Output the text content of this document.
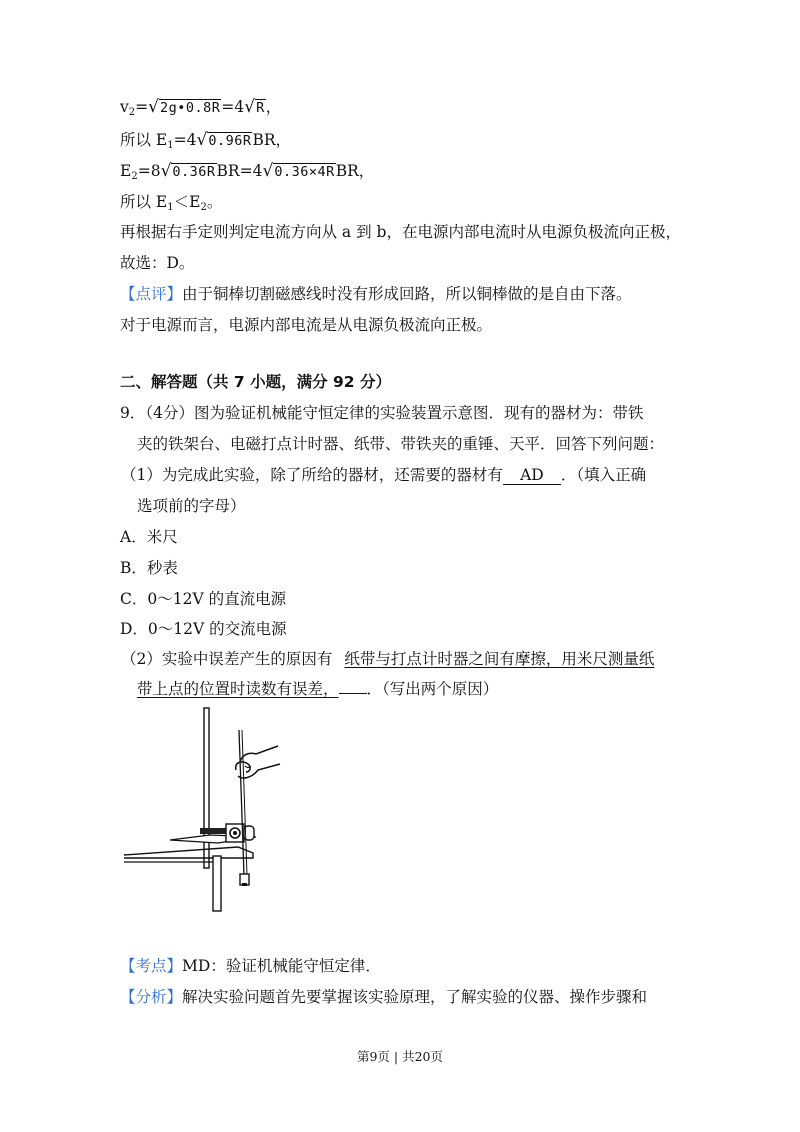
$v_2=√2g•0.8R=4√R$，
所以 $E_1=4√0.96RBR$，
$E_2=8√0.36RBR=4√0.36\times 4RBR$，
所以 $E_1<E_2$。
再根据右手定则判定电流方向从 a 到 b，在电源内部电流时从电源负极流向正极，
故选：D。
【点评】由于铜棒切割磁感线时没有形成回路，所以铜棒做的是自由下落。
对于电源而言，电源内部电流是从电源负极流向正极。
二、解答题（共 7 小题，满分 92 分）
9．（4分）图为验证机械能守恒定律的实验装置示意图．现有的器材为：带铁
夹的铁架台、电磁打点计时器、纸带、带铁夹的重锤、天平．回答下列问题：
（1）为完成此实验，除了所给的器材，还需要的器材有 AD ．（填入正确
选项前的字母）
A．米尺
B．秒表
C．0～12V 的直流电源
D．0～12V 的交流电源
（2）实验中误差产生的原因有 纸带与打点计时器之间有摩擦，用米尺测量纸
带上点的位置时读数有误差， ．（写出两个原因）
【考点】MD：验证机械能守恒定律．
【分析】解决实验问题首先要掌握该实验原理，了解实验的仪器、操作步骤和
第9页 | 共20页
